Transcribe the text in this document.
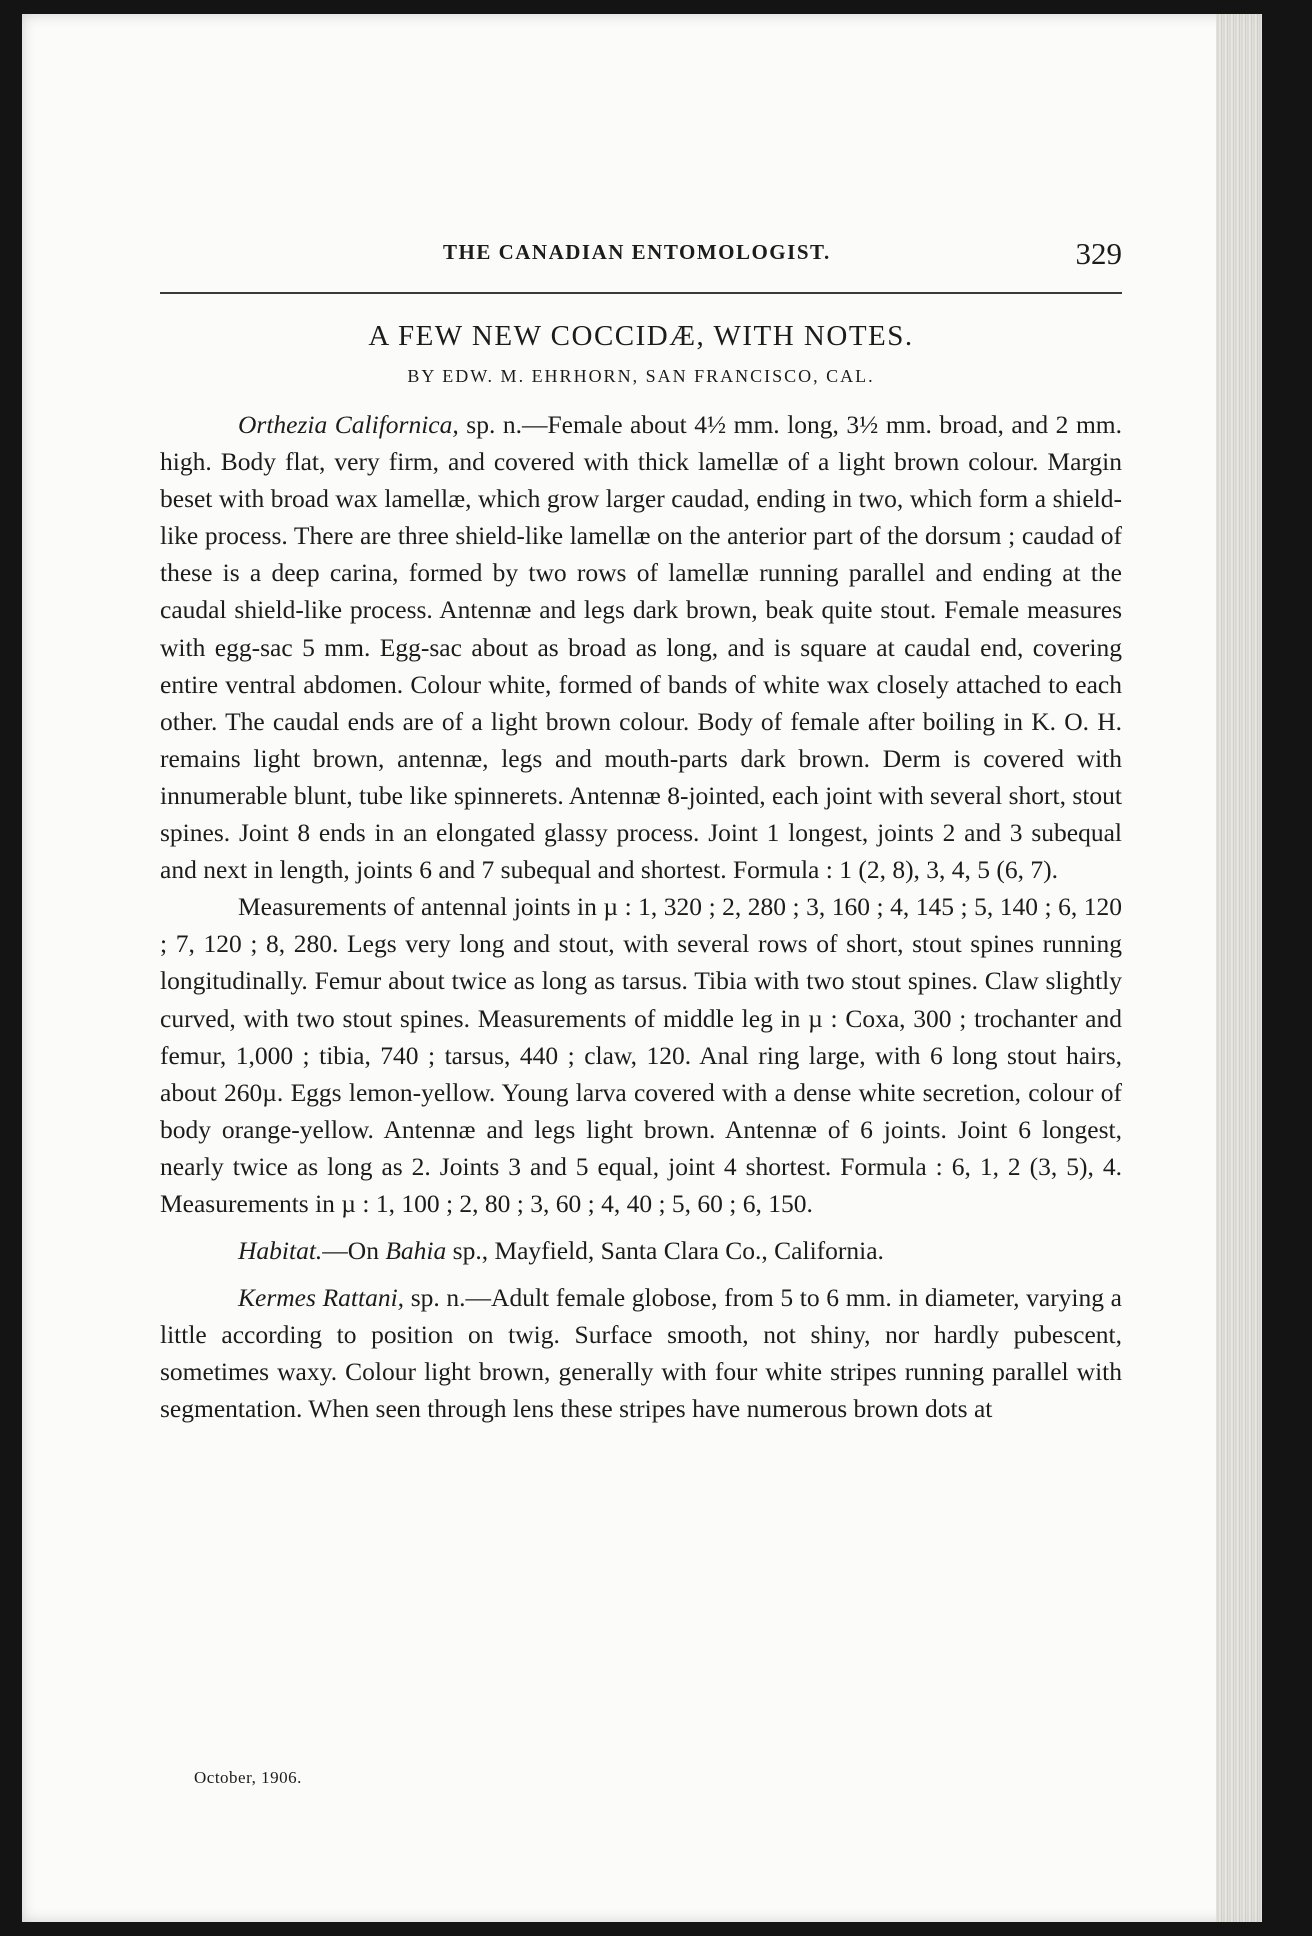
THE CANADIAN ENTOMOLOGIST.	329
A FEW NEW COCCIDÆ, WITH NOTES.
BY EDW. M. EHRHORN, SAN FRANCISCO, CAL.

Orthezia Californica, sp. n.—Female about 4½ mm. long, 3½ mm. broad, and 2 mm. high. Body flat, very firm, and covered with thick lamellæ of a light brown colour. Margin beset with broad wax lamellæ, which grow larger caudad, ending in two, which form a shield-like process. There are three shield-like lamellæ on the anterior part of the dorsum ; caudad of these is a deep carina, formed by two rows of lamellæ running parallel and ending at the caudal shield-like process. Antennæ and legs dark brown, beak quite stout. Female measures with egg-sac 5 mm. Egg-sac about as broad as long, and is square at caudal end, covering entire ventral abdomen. Colour white, formed of bands of white wax closely attached to each other. The caudal ends are of a light brown colour. Body of female after boiling in K. O. H. remains light brown, antennæ, legs and mouth-parts dark brown. Derm is covered with innumerable blunt, tube like spinnerets. Antennæ 8-jointed, each joint with several short, stout spines. Joint 8 ends in an elongated glassy process. Joint 1 longest, joints 2 and 3 subequal and next in length, joints 6 and 7 subequal and shortest. Formula : 1 (2, 8), 3, 4, 5 (6, 7).

Measurements of antennal joints in µ : 1, 320 ; 2, 280 ; 3, 160 ; 4, 145 ; 5, 140 ; 6, 120 ; 7, 120 ; 8, 280. Legs very long and stout, with several rows of short, stout spines running longitudinally. Femur about twice as long as tarsus. Tibia with two stout spines. Claw slightly curved, with two stout spines. Measurements of middle leg in µ : Coxa, 300 ; trochanter and femur, 1,000 ; tibia, 740 ; tarsus, 440 ; claw, 120. Anal ring large, with 6 long stout hairs, about 260µ. Eggs lemon-yellow. Young larva covered with a dense white secretion, colour of body orange-yellow. Antennæ and legs light brown. Antennæ of 6 joints. Joint 6 longest, nearly twice as long as 2. Joints 3 and 5 equal, joint 4 shortest. Formula : 6, 1, 2 (3, 5), 4. Measurements in µ : 1, 100 ; 2, 80 ; 3, 60 ; 4, 40 ; 5, 60 ; 6, 150.

Habitat.—On Bahia sp., Mayfield, Santa Clara Co., California.

Kermes Rattani, sp. n.—Adult female globose, from 5 to 6 mm. in diameter, varying a little according to position on twig. Surface smooth, not shiny, nor hardly pubescent, sometimes waxy. Colour light brown, generally with four white stripes running parallel with segmentation. When seen through lens these stripes have numerous brown dots at

October, 1906.
